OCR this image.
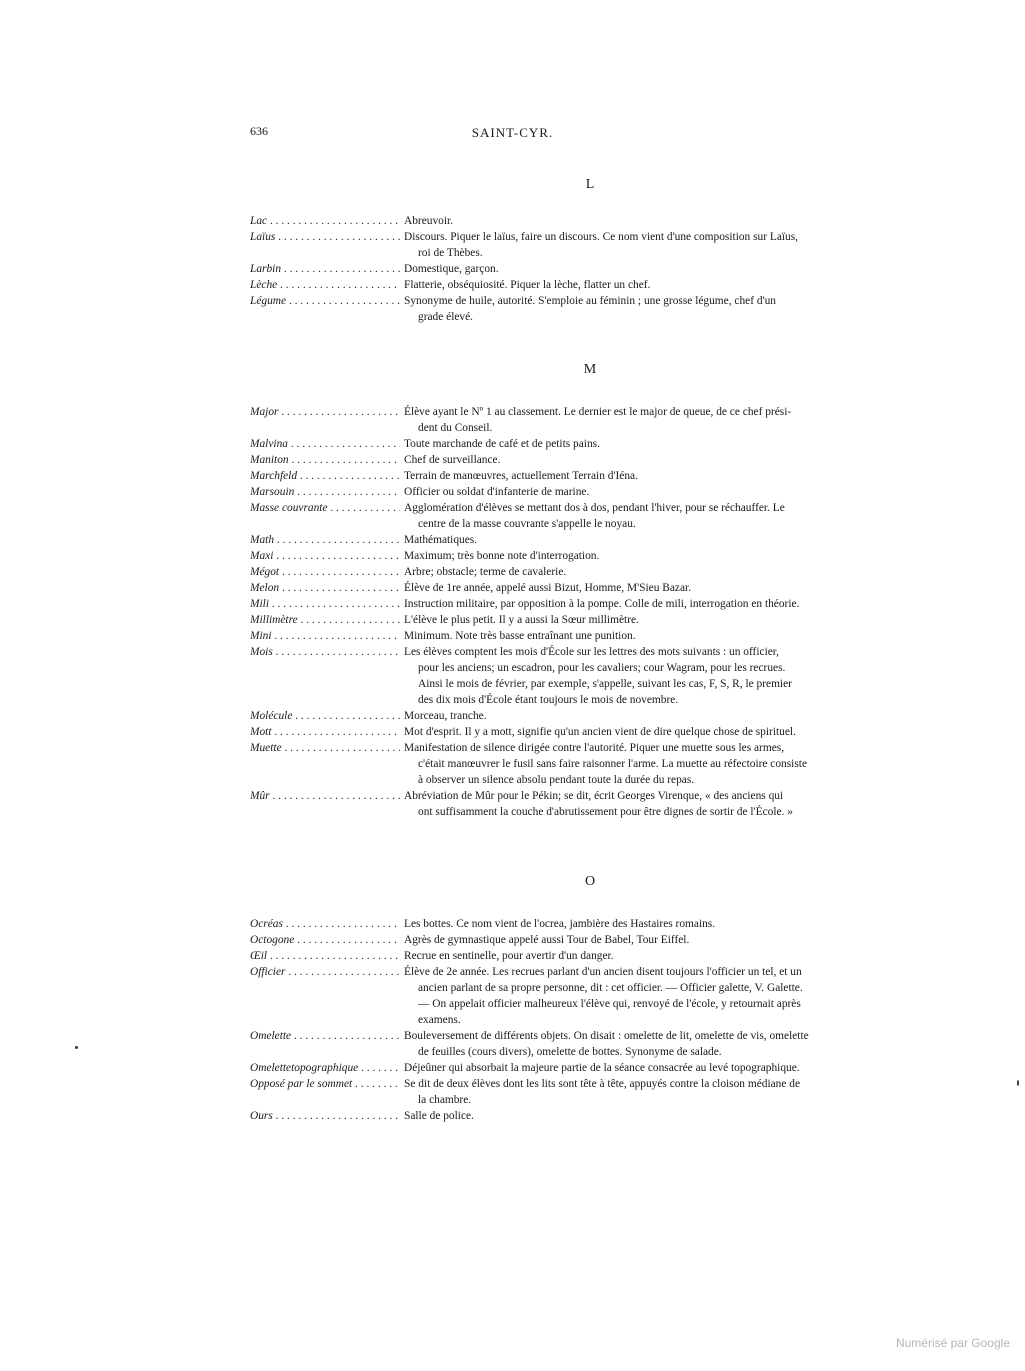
636	SAINT-CYR.
L
Lac . . .	Abreuvoir.

Laïus . . .	Discours. Piquer le laïus, faire un discours. Ce nom vient d'une composition sur Laïus,

roi de Thèbes.

Larbin . . .	Domestique, garçon.

Lèche . . .	Flatterie, obséquiosité. Piquer la lèche, flatter un chef.

Légume . . .	Synonyme de huile, autorité. S'emploie au féminin ; une grosse légume, chef d'un

grade élevé.

M
Major . . .	Élève ayant le Nº 1 au classement. Le dernier est le major de queue, de ce chef prési-

dent du Conseil.

Malvina . . .	Toute marchande de café et de petits pains.

Maniton . . .	Chef de surveillance.

Marchfeld . . .	Terrain de manœuvres, actuellement Terrain d'Iéna.

Marsouin . . .	Officier ou soldat d'infanterie de marine.

Masse couvrante . . .	Agglomération d'élèves se mettant dos à dos, pendant l'hiver, pour se réchauffer. Le

centre de la masse couvrante s'appelle le noyau.

Math . . .	Mathématiques.

Maxi . . .	Maximum; très bonne note d'interrogation.

Mégot . . .	Arbre; obstacle; terme de cavalerie.

Melon . . .	Élève de 1re année, appelé aussi Bizut, Homme, M'Sieu Bazar.

Mili . . .	Instruction militaire, par opposition à la pompe. Colle de mili, interrogation en théorie.

Millimètre . . .	L'élève le plus petit. Il y a aussi la Sœur millimètre.

Mini . . .	Minimum. Note très basse entraînant une punition.

Mois . . .	Les élèves comptent les mois d'École sur les lettres des mots suivants : un officier,

pour les anciens; un escadron, pour les cavaliers; cour Wagram, pour les recrues.

Ainsi le mois de février, par exemple, s'appelle, suivant les cas, F, S, R, le premier

des dix mois d'École étant toujours le mois de novembre.

Molécule . . .	Morceau, tranche.

Mott . . .	Mot d'esprit. Il y a mott, signifie qu'un ancien vient de dire quelque chose de spirituel.

Muette . . .	Manifestation de silence dirigée contre l'autorité. Piquer une muette sous les armes,

c'était manœuvrer le fusil sans faire raisonner l'arme. La muette au réfectoire consiste

à observer un silence absolu pendant toute la durée du repas.

Mûr . . .	Abréviation de Mûr pour le Pékin; se dit, écrit Georges Virenque, « des anciens qui

ont suffisamment la couche d'abrutissement pour être dignes de sortir de l'École. »

O
Ocréas . . .	Les bottes. Ce nom vient de l'ocrea, jambière des Hastaires romains.

Octogone . . .	Agrès de gymnastique appelé aussi Tour de Babel, Tour Eiffel.

Œil . . .	Recrue en sentinelle, pour avertir d'un danger.

Officier . . .	Élève de 2e année. Les recrues parlant d'un ancien disent toujours l'officier un tel, et un

ancien parlant de sa propre personne, dit : cet officier. — Officier galette, V. Galette.

— On appelait officier malheureux l'élève qui, renvoyé de l'école, y retournait après

examens.

Omelette . . .	Bouleversement de différents objets. On disait : omelette de lit, omelette de vis, omelette

de feuilles (cours divers), omelette de bottes. Synonyme de salade.

Omelettetopographique . . .	Déjeûner qui absorbait la majeure partie de la séance consacrée au levé topographique.

Opposé par le sommet . . .	Se dit de deux élèves dont les lits sont tête à tête, appuyés contre la cloison médiane de

la chambre.

Ours . . .	Salle de police.

Numérisé par Google
